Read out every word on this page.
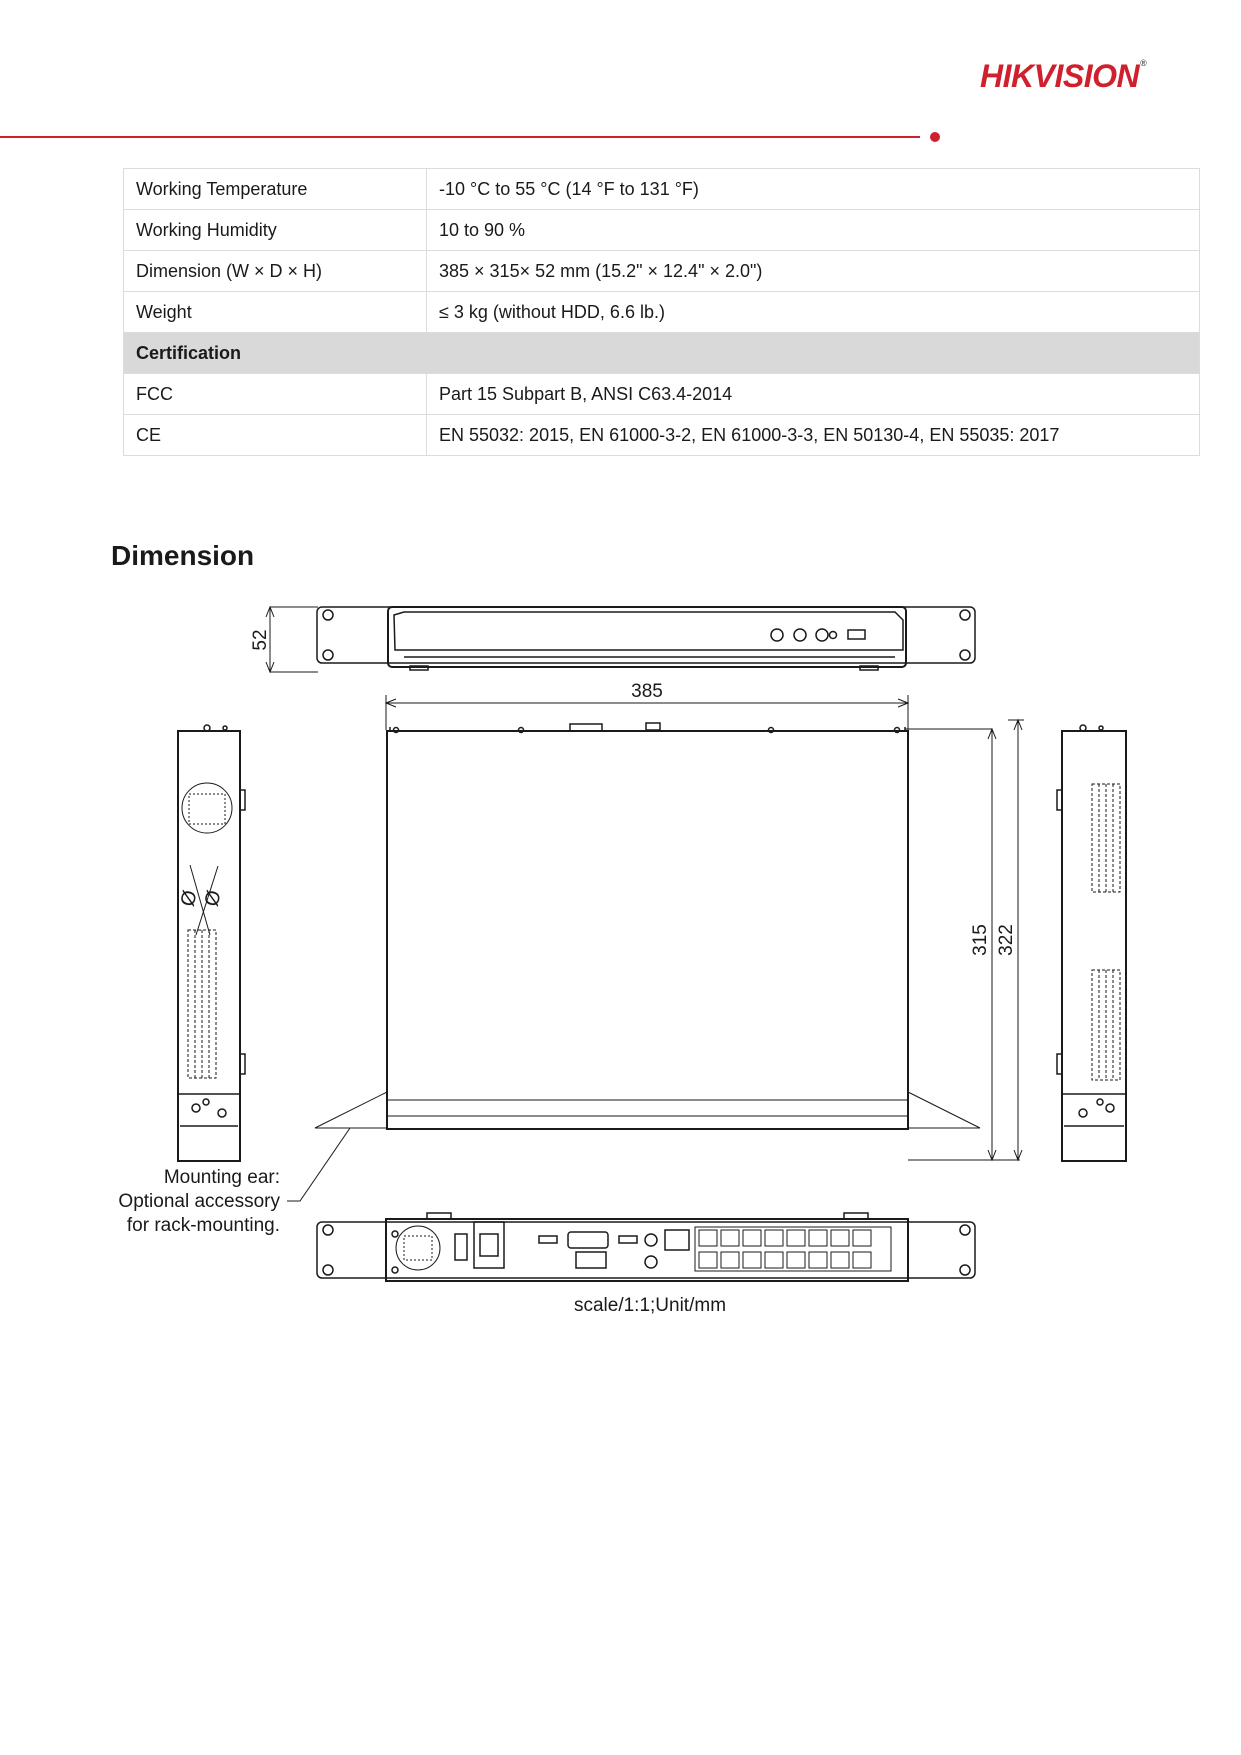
HIKVISION®
Working Temperature	-10 °C to 55 °C (14 °F to 131 °F)
Working Humidity	10 to 90 %
Dimension (W × D × H)	385 × 315× 52 mm (15.2" × 12.4" × 2.0")
Weight	≤ 3 kg (without HDD, 6.6 lb.)
Certification	
FCC	Part 15 Subpart B, ANSI C63.4-2014
CE	EN 55032: 2015, EN 61000-3-2, EN 61000-3-3, EN 50130-4, EN 55035: 2017
Dimension
52
385
315 322
Ø
Ø
Mounting ear:
Optional accessory
for rack-mounting.
scale/1:1;Unit/mm
